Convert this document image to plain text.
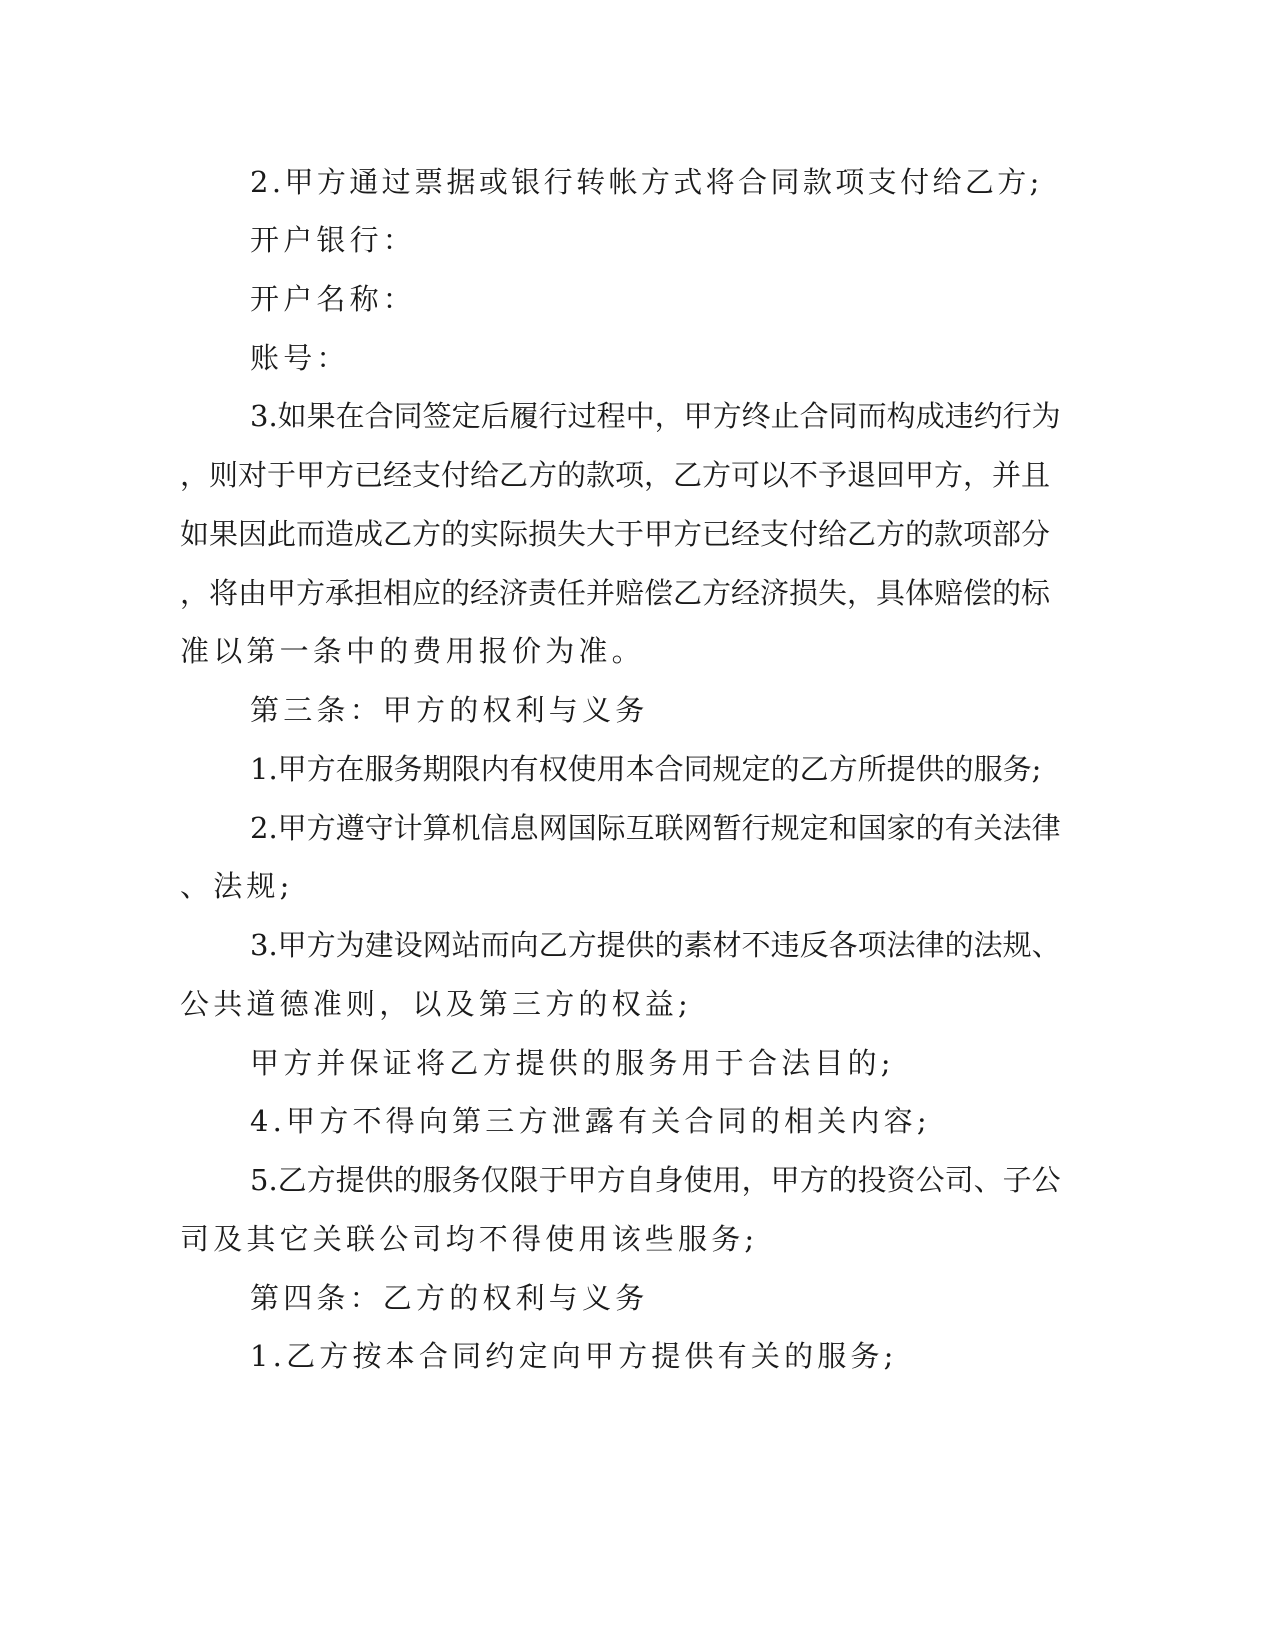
2.甲方通过票据或银行转帐方式将合同款项支付给乙方;
开户银行：
开户名称：
账号：
3.如果在合同签定后履行过程中，甲方终止合同而构成违约行为
，则对于甲方已经支付给乙方的款项，乙方可以不予退回甲方，并且
如果因此而造成乙方的实际损失大于甲方已经支付给乙方的款项部分
，将由甲方承担相应的经济责任并赔偿乙方经济损失，具体赔偿的标
准以第一条中的费用报价为准。
第三条：甲方的权利与义务
1.甲方在服务期限内有权使用本合同规定的乙方所提供的服务;
2.甲方遵守计算机信息网国际互联网暂行规定和国家的有关法律
、法规;
3.甲方为建设网站而向乙方提供的素材不违反各项法律的法规、
公共道德准则，以及第三方的权益;
甲方并保证将乙方提供的服务用于合法目的;
4.甲方不得向第三方泄露有关合同的相关内容;
5.乙方提供的服务仅限于甲方自身使用，甲方的投资公司、子公
司及其它关联公司均不得使用该些服务;
第四条：乙方的权利与义务
1.乙方按本合同约定向甲方提供有关的服务;
